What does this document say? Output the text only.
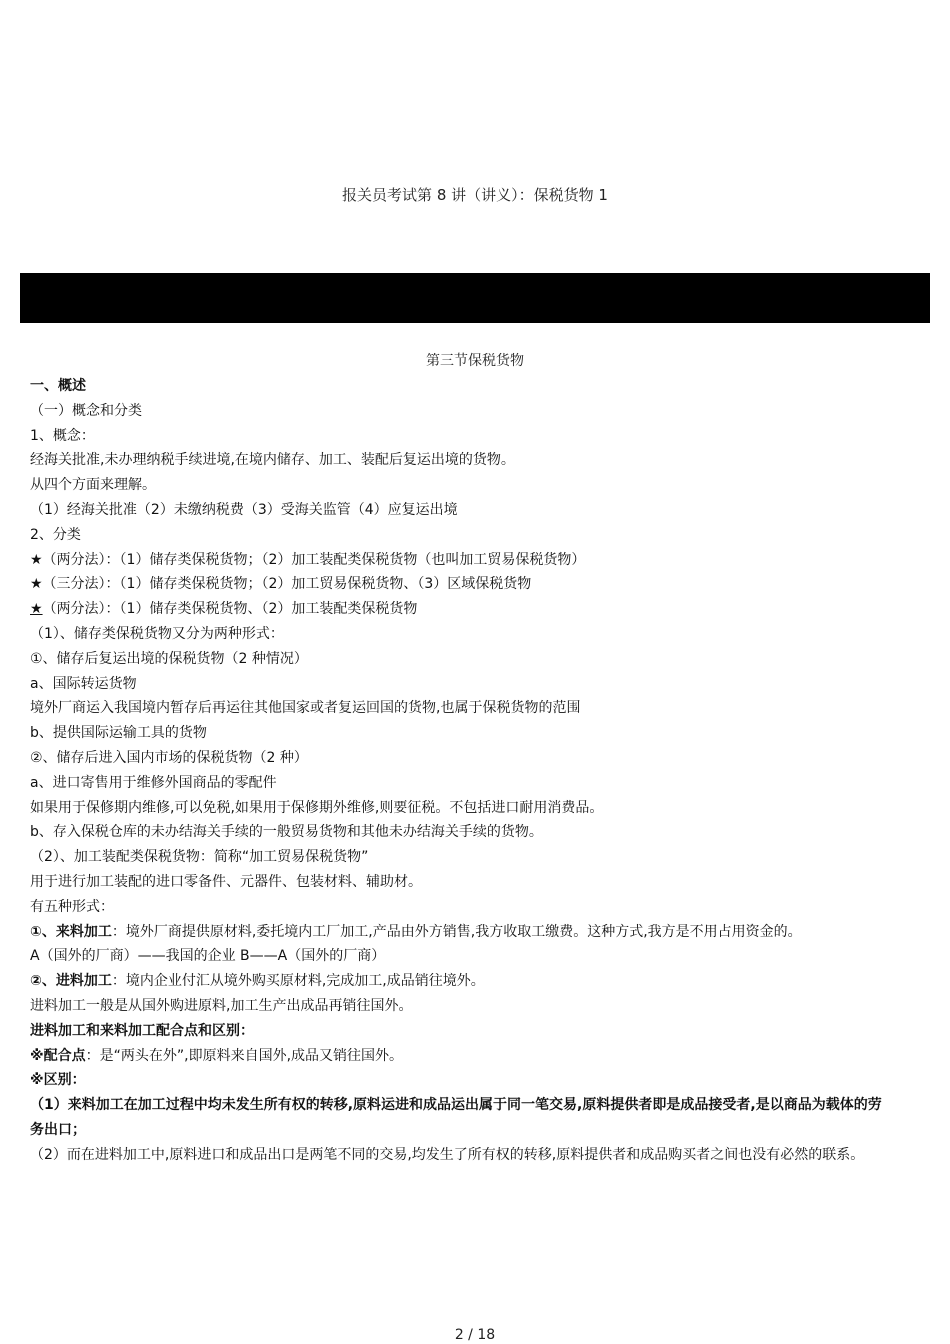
报关员考试第 8 讲（讲义）：保税货物 1
第三节保税货物
一、概述
（一）概念和分类
1、概念：
经海关批准,未办理纳税手续进境,在境内储存、加工、装配后复运出境的货物。
从四个方面来理解。
（1）经海关批准（2）未缴纳税费（3）受海关监管（4）应复运出境
2、分类
★（两分法）：（1）储存类保税货物；（2）加工装配类保税货物（也叫加工贸易保税货物）
★（三分法）：（1）储存类保税货物；（2）加工贸易保税货物、（3）区域保税货物
★（两分法）：（1）储存类保税货物、（2）加工装配类保税货物
（1）、储存类保税货物又分为两种形式：
①、储存后复运出境的保税货物（2 种情况）
a、国际转运货物
境外厂商运入我国境内暂存后再运往其他国家或者复运回国的货物,也属于保税货物的范围
b、提供国际运输工具的货物
②、储存后进入国内市场的保税货物（2 种）
a、进口寄售用于维修外国商品的零配件
如果用于保修期内维修,可以免税,如果用于保修期外维修,则要征税。不包括进口耐用消费品。
b、存入保税仓库的未办结海关手续的一般贸易货物和其他未办结海关手续的货物。
（2）、加工装配类保税货物：简称“加工贸易保税货物”
用于进行加工装配的进口零备件、元器件、包装材料、辅助材。
有五种形式：
①、来料加工：境外厂商提供原材料,委托境内工厂加工,产品由外方销售,我方收取工缴费。这种方式,我方是不用占用资金的。
A（国外的厂商）——我国的企业 B——A（国外的厂商）
②、进料加工：境内企业付汇从境外购买原材料,完成加工,成品销往境外。
进料加工一般是从国外购进原料,加工生产出成品再销往国外。
进料加工和来料加工配合点和区别：
※配合点：是“两头在外”,即原料来自国外,成品又销往国外。
※区别：
（1）来料加工在加工过程中均未发生所有权的转移,原料运进和成品运出属于同一笔交易,原料提供者即是成品接受者,是以商品为载体的劳务出口；
（2）而在进料加工中,原料进口和成品出口是两笔不同的交易,均发生了所有权的转移,原料提供者和成品购买者之间也没有必然的联系。
2 / 18
